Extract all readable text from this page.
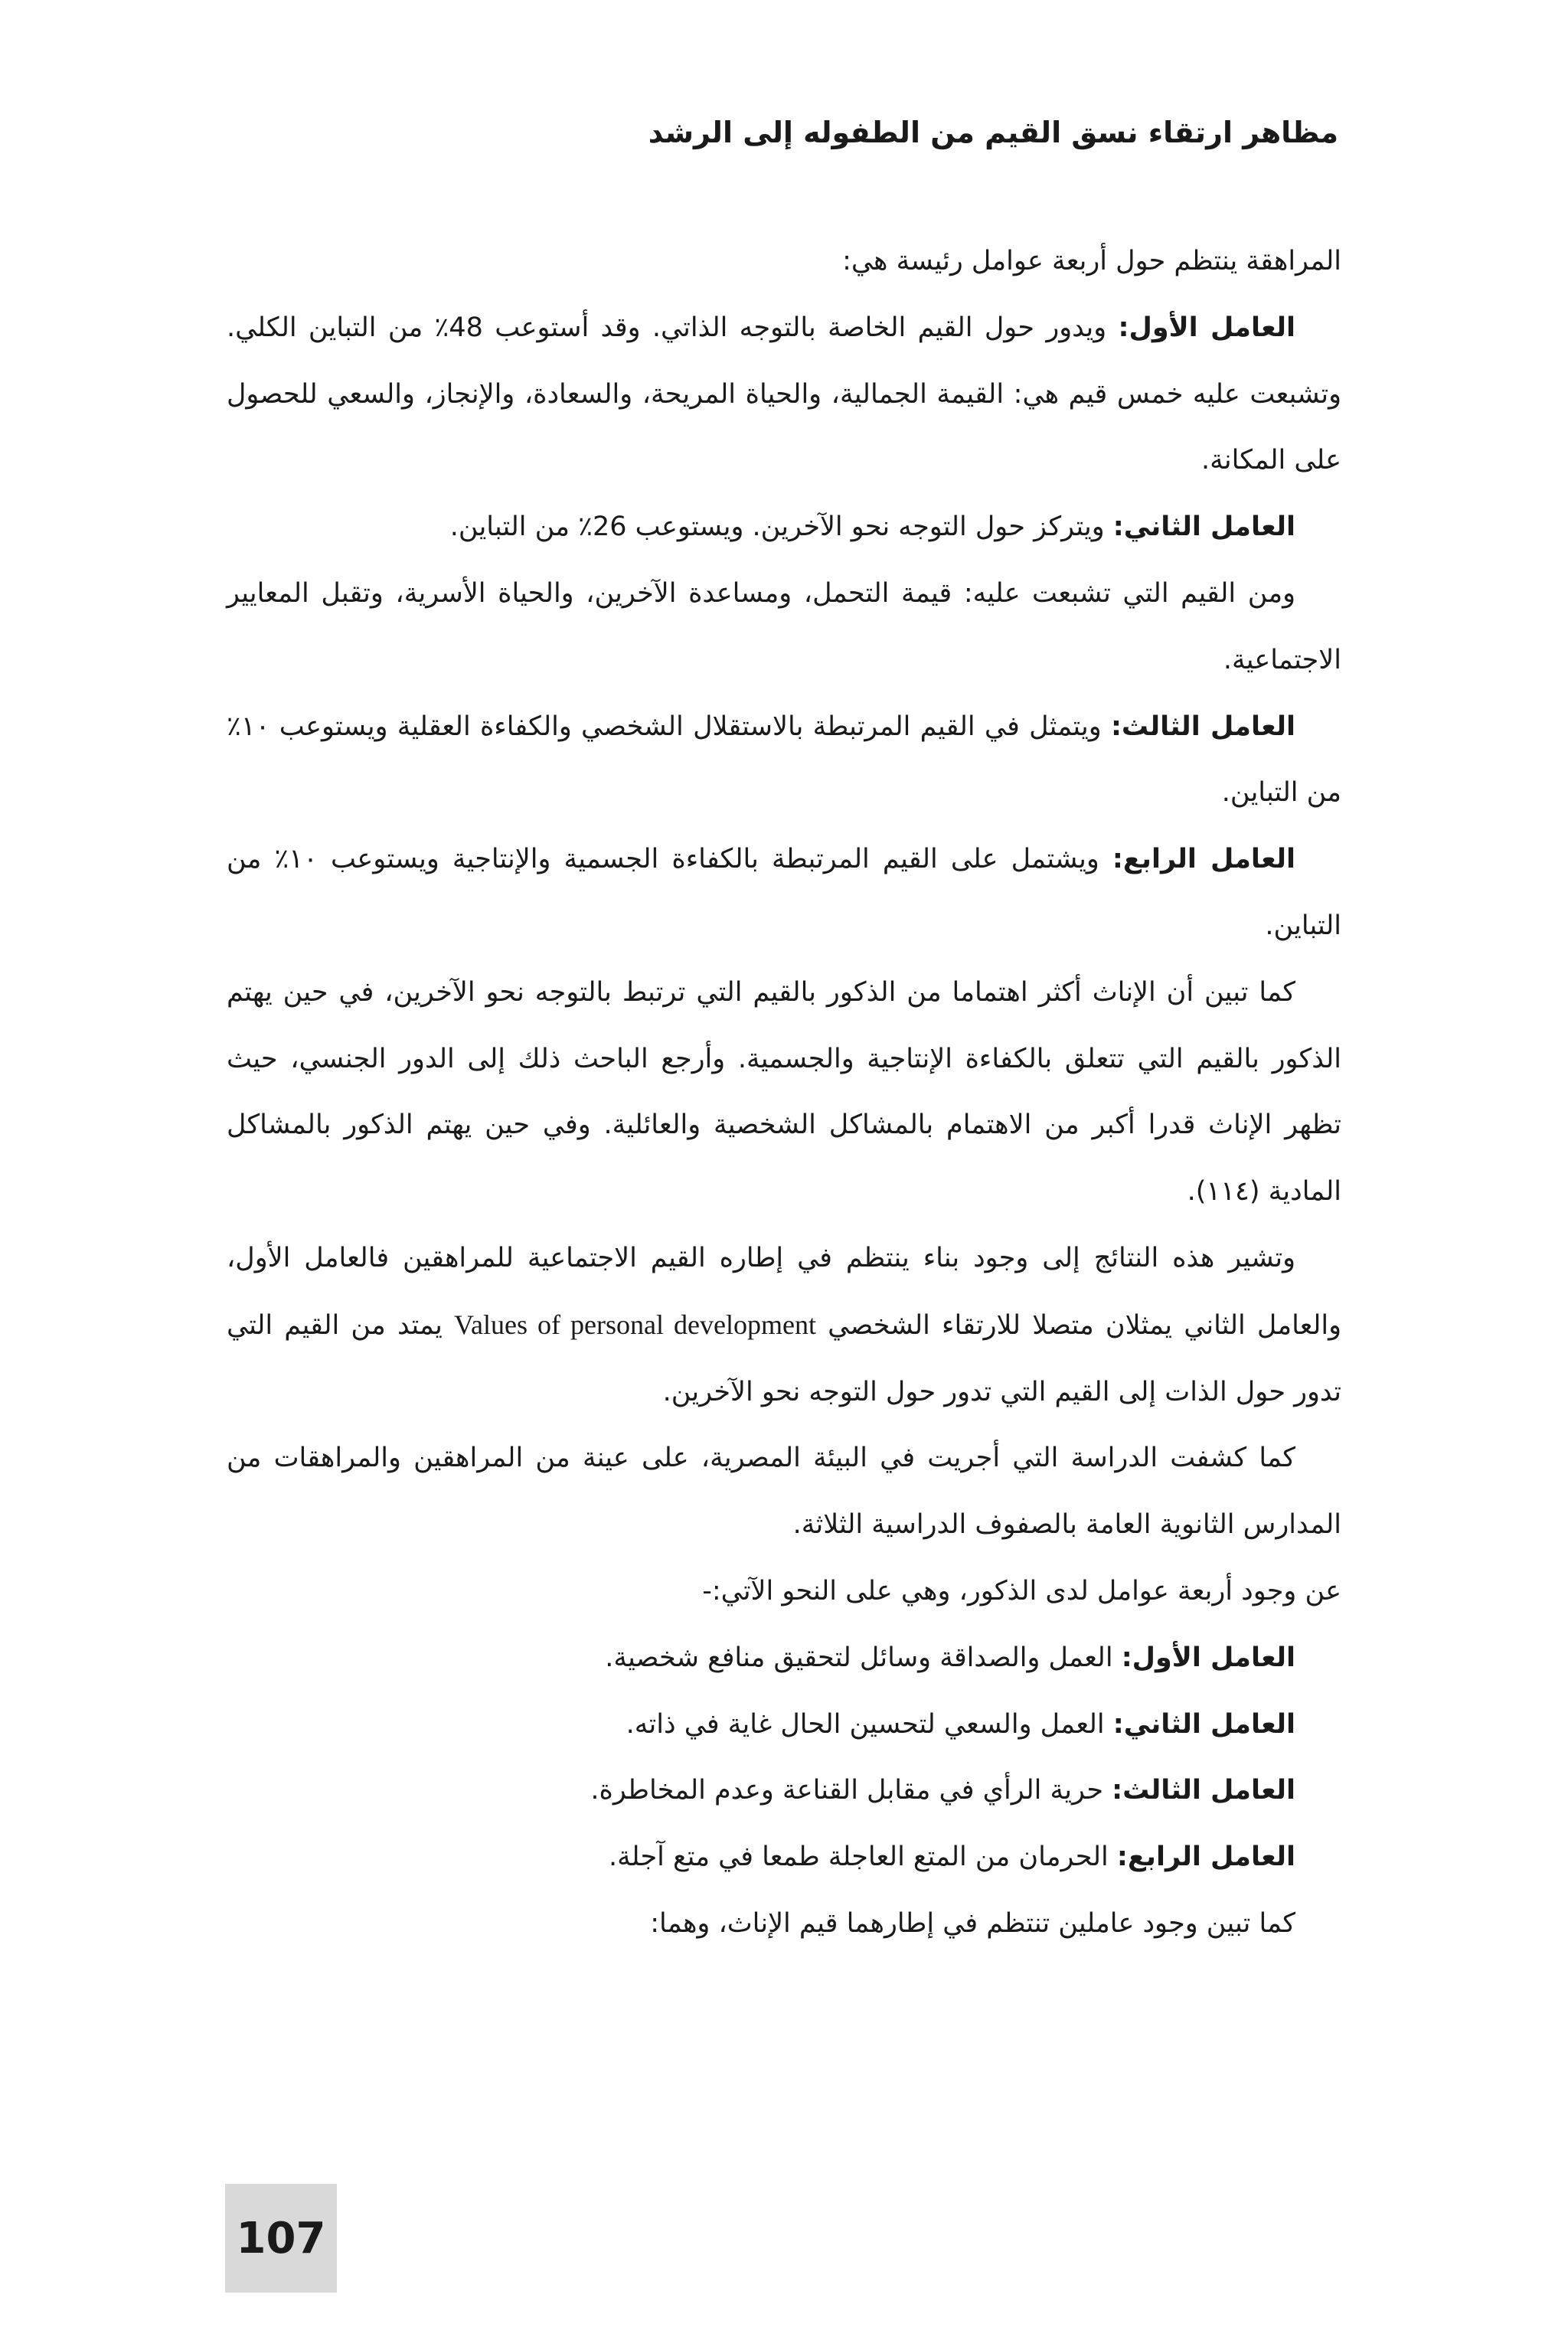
مظاهر ارتقاء نسق القيم من الطفوله إلى الرشد

المراهقة ينتظم حول أربعة عوامل رئيسة هي:

العامل الأول: ويدور حول القيم الخاصة بالتوجه الذاتي. وقد أستوعب 48٪ من التباين الكلي. وتشبعت عليه خمس قيم هي: القيمة الجمالية، والحياة المريحة، والسعادة، والإنجاز، والسعي للحصول على المكانة.

العامل الثاني: ويتركز حول التوجه نحو الآخرين. ويستوعب 26٪ من التباين.

ومن القيم التي تشبعت عليه: قيمة التحمل، ومساعدة الآخرين، والحياة الأسرية، وتقبل المعايير الاجتماعية.

العامل الثالث: ويتمثل في القيم المرتبطة بالاستقلال الشخصي والكفاءة العقلية ويستوعب ١٠٪ من التباين.

العامل الرابع: ويشتمل على القيم المرتبطة بالكفاءة الجسمية والإنتاجية ويستوعب ١٠٪ من التباين.

كما تبين أن الإناث أكثر اهتماما من الذكور بالقيم التي ترتبط بالتوجه نحو الآخرين، في حين يهتم الذكور بالقيم التي تتعلق بالكفاءة الإنتاجية والجسمية. وأرجع الباحث ذلك إلى الدور الجنسي، حيث تظهر الإناث قدرا أكبر من الاهتمام بالمشاكل الشخصية والعائلية. وفي حين يهتم الذكور بالمشاكل المادية (١١٤).

وتشير هذه النتائج إلى وجود بناء ينتظم في إطاره القيم الاجتماعية للمراهقين فالعامل الأول، والعامل الثاني يمثلان متصلا للارتقاء الشخصي Values of personal development يمتد من القيم التي تدور حول الذات إلى القيم التي تدور حول التوجه نحو الآخرين.

كما كشفت الدراسة التي أجريت في البيئة المصرية، على عينة من المراهقين والمراهقات من المدارس الثانوية العامة بالصفوف الدراسية الثلاثة.

عن وجود أربعة عوامل لدى الذكور، وهي على النحو الآتي:-

العامل الأول: العمل والصداقة وسائل لتحقيق منافع شخصية.

العامل الثاني: العمل والسعي لتحسين الحال غاية في ذاته.

العامل الثالث: حرية الرأي في مقابل القناعة وعدم المخاطرة.

العامل الرابع: الحرمان من المتع العاجلة طمعا في متع آجلة.

كما تبين وجود عاملين تنتظم في إطارهما قيم الإناث، وهما:

107
